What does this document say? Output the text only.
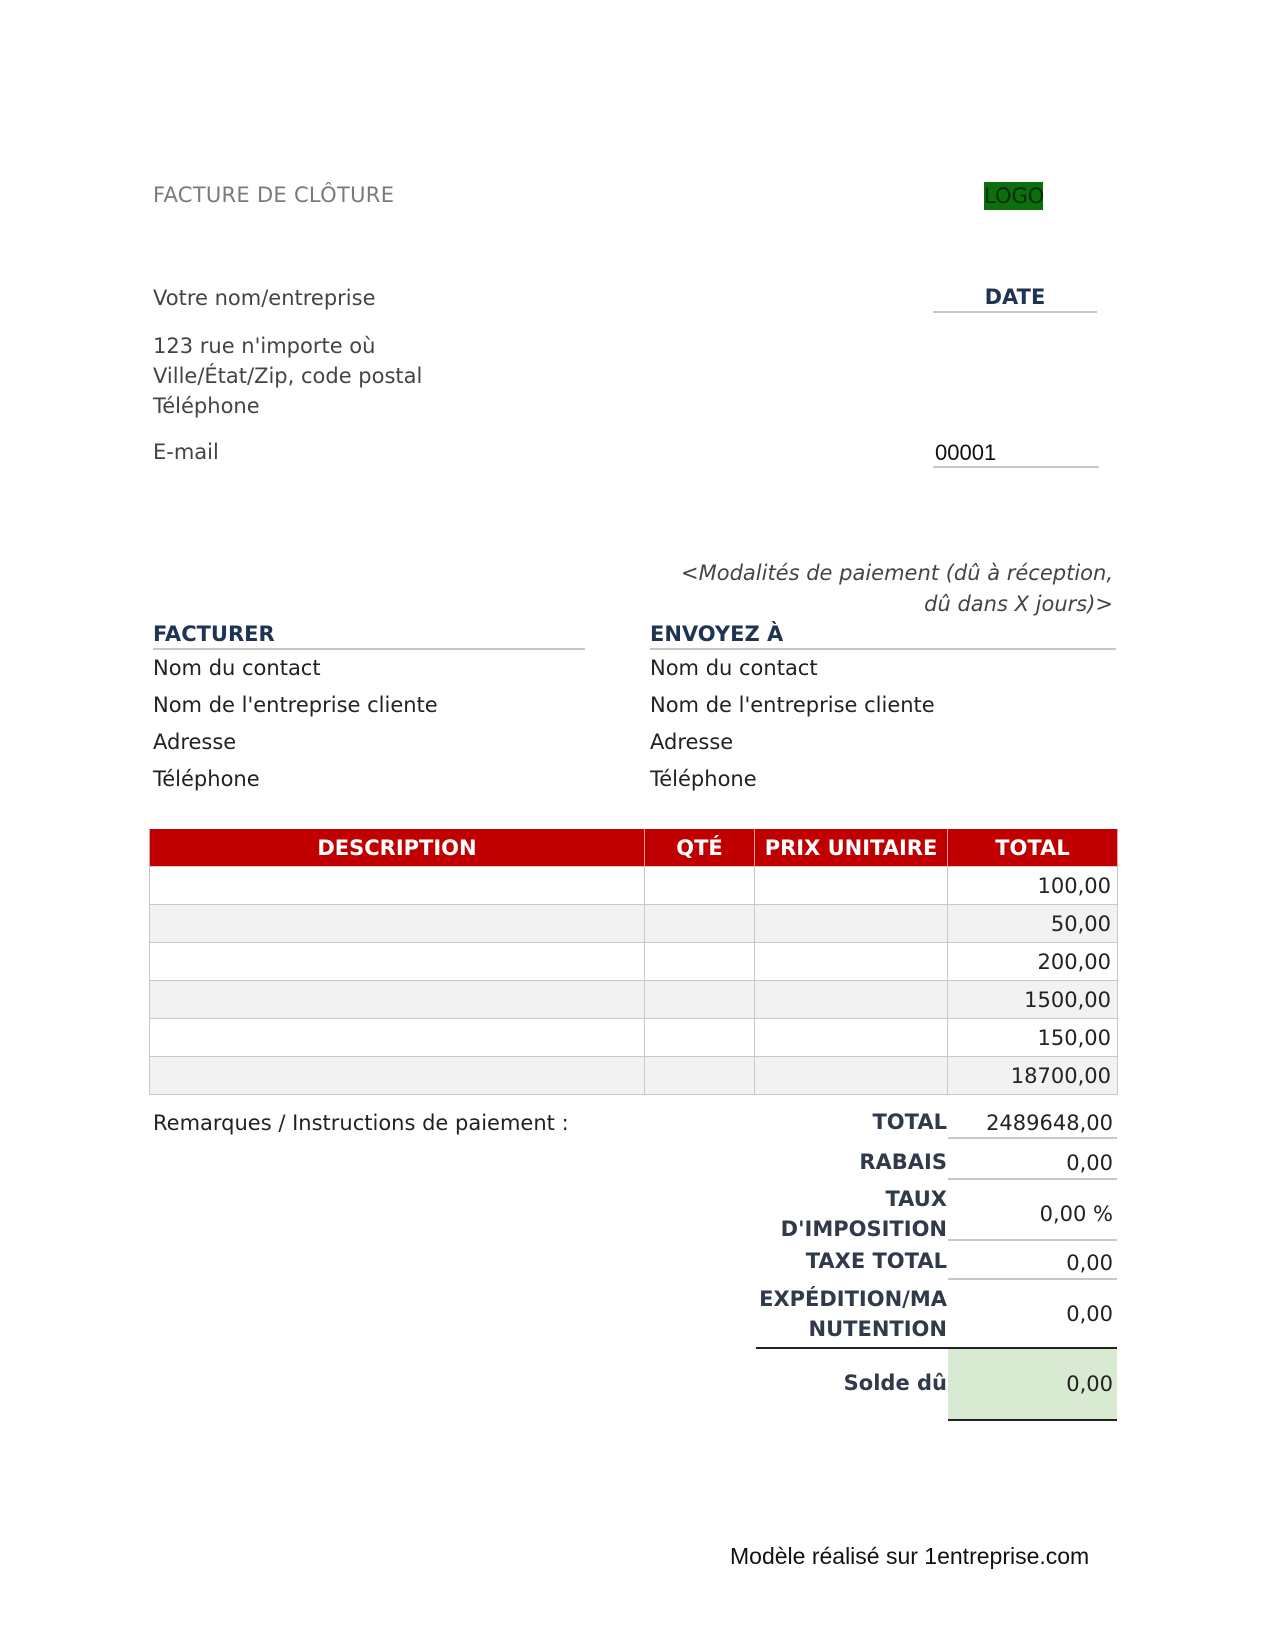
FACTURE DE CLÔTURE	LOGO
Votre nom/entreprise
123 rue n'importe où
Ville/État/Zip, code postal
Téléphone
E-mail
DATE
00001
<Modalités de paiement (dû à réception, dû dans X jours)>
FACTURER
Nom du contact
Nom de l'entreprise cliente
Adresse
Téléphone
ENVOYEZ À
Nom du contact
Nom de l'entreprise cliente
Adresse
Téléphone
DESCRIPTION	QTÉ	PRIX UNITAIRE	TOTAL
			100,00
			50,00
			200,00
			1500,00
			150,00
			18700,00
Remarques / Instructions de paiement :	TOTAL	2489648,00
RABAIS	0,00
TAUX
D'IMPOSITION
0,00 %
TAXE TOTAL	0,00
EXPÉDITION/MA
NUTENTION
0,00
Solde dû	0,00
Modèle réalisé sur 1entreprise.com
